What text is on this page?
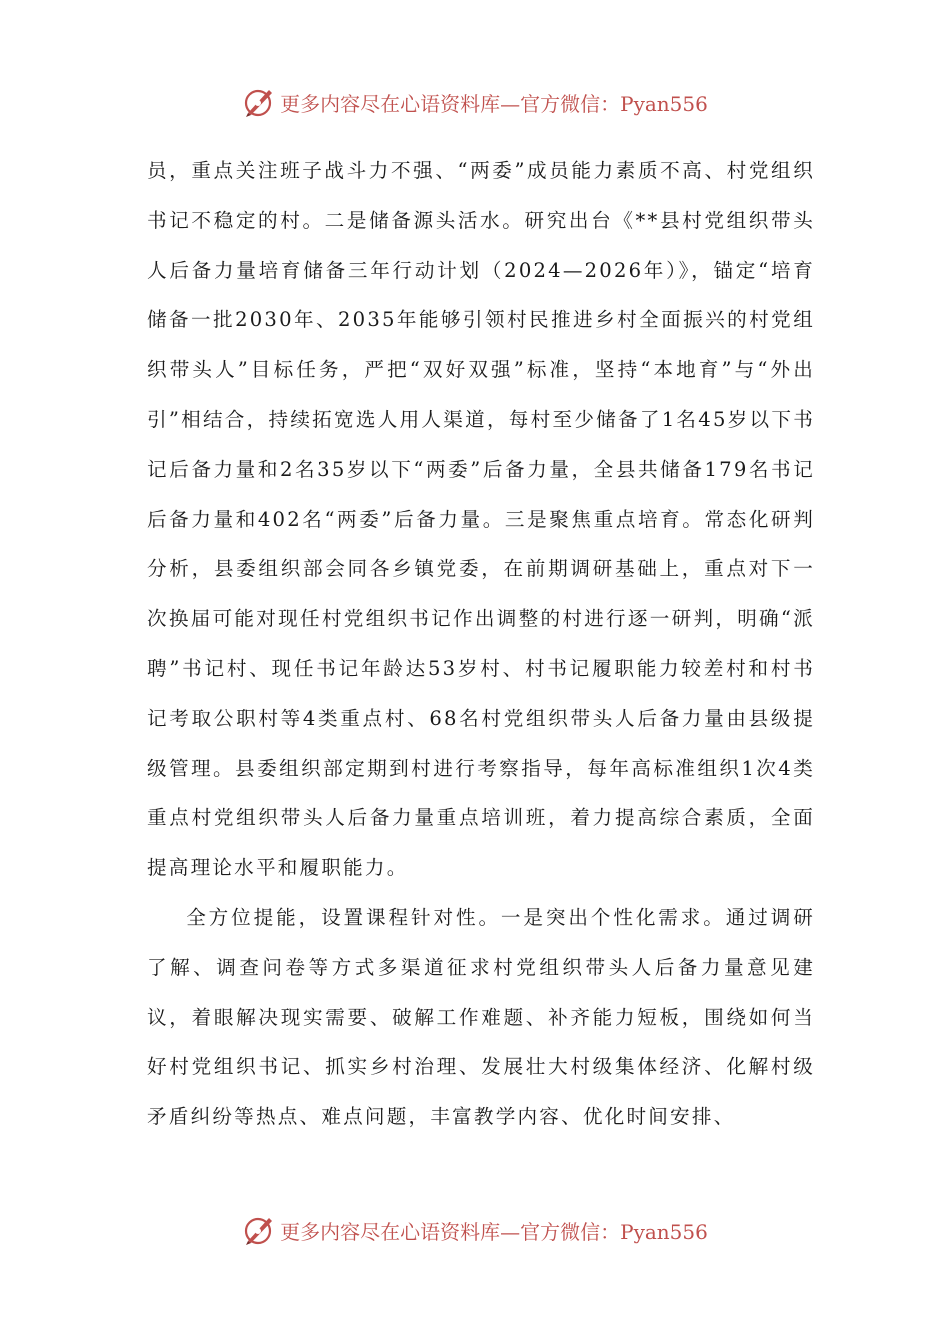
更多内容尽在心语资料库—官方微信：Pyan556

员，重点关注班子战斗力不强、“两委”成员能力素质不高、村党组织书记不稳定的村。二是储备源头活水。研究出台《**县村党组织带头人后备力量培育储备三年行动计划（2024—2026年）》，锚定“培育储备一批2030年、2035年能够引领村民推进乡村全面振兴的村党组织带头人”目标任务，严把“双好双强”标准，坚持“本地育”与“外出引”相结合，持续拓宽选人用人渠道，每村至少储备了1名45岁以下书记后备力量和2名35岁以下“两委”后备力量，全县共储备179名书记后备力量和402名“两委”后备力量。三是聚焦重点培育。常态化研判分析，县委组织部会同各乡镇党委，在前期调研基础上，重点对下一次换届可能对现任村党组织书记作出调整的村进行逐一研判，明确“派聘”书记村、现任书记年龄达53岁村、村书记履职能力较差村和村书记考取公职村等4类重点村、68名村党组织带头人后备力量由县级提级管理。县委组织部定期到村进行考察指导，每年高标准组织1次4类重点村党组织带头人后备力量重点培训班，着力提高综合素质，全面提高理论水平和履职能力。

全方位提能，设置课程针对性。一是突出个性化需求。通过调研了解、调查问卷等方式多渠道征求村党组织带头人后备力量意见建议，着眼解决现实需要、破解工作难题、补齐能力短板，围绕如何当好村党组织书记、抓实乡村治理、发展壮大村级集体经济、化解村级矛盾纠纷等热点、难点问题，丰富教学内容、优化时间安排、

更多内容尽在心语资料库—官方微信：Pyan556
